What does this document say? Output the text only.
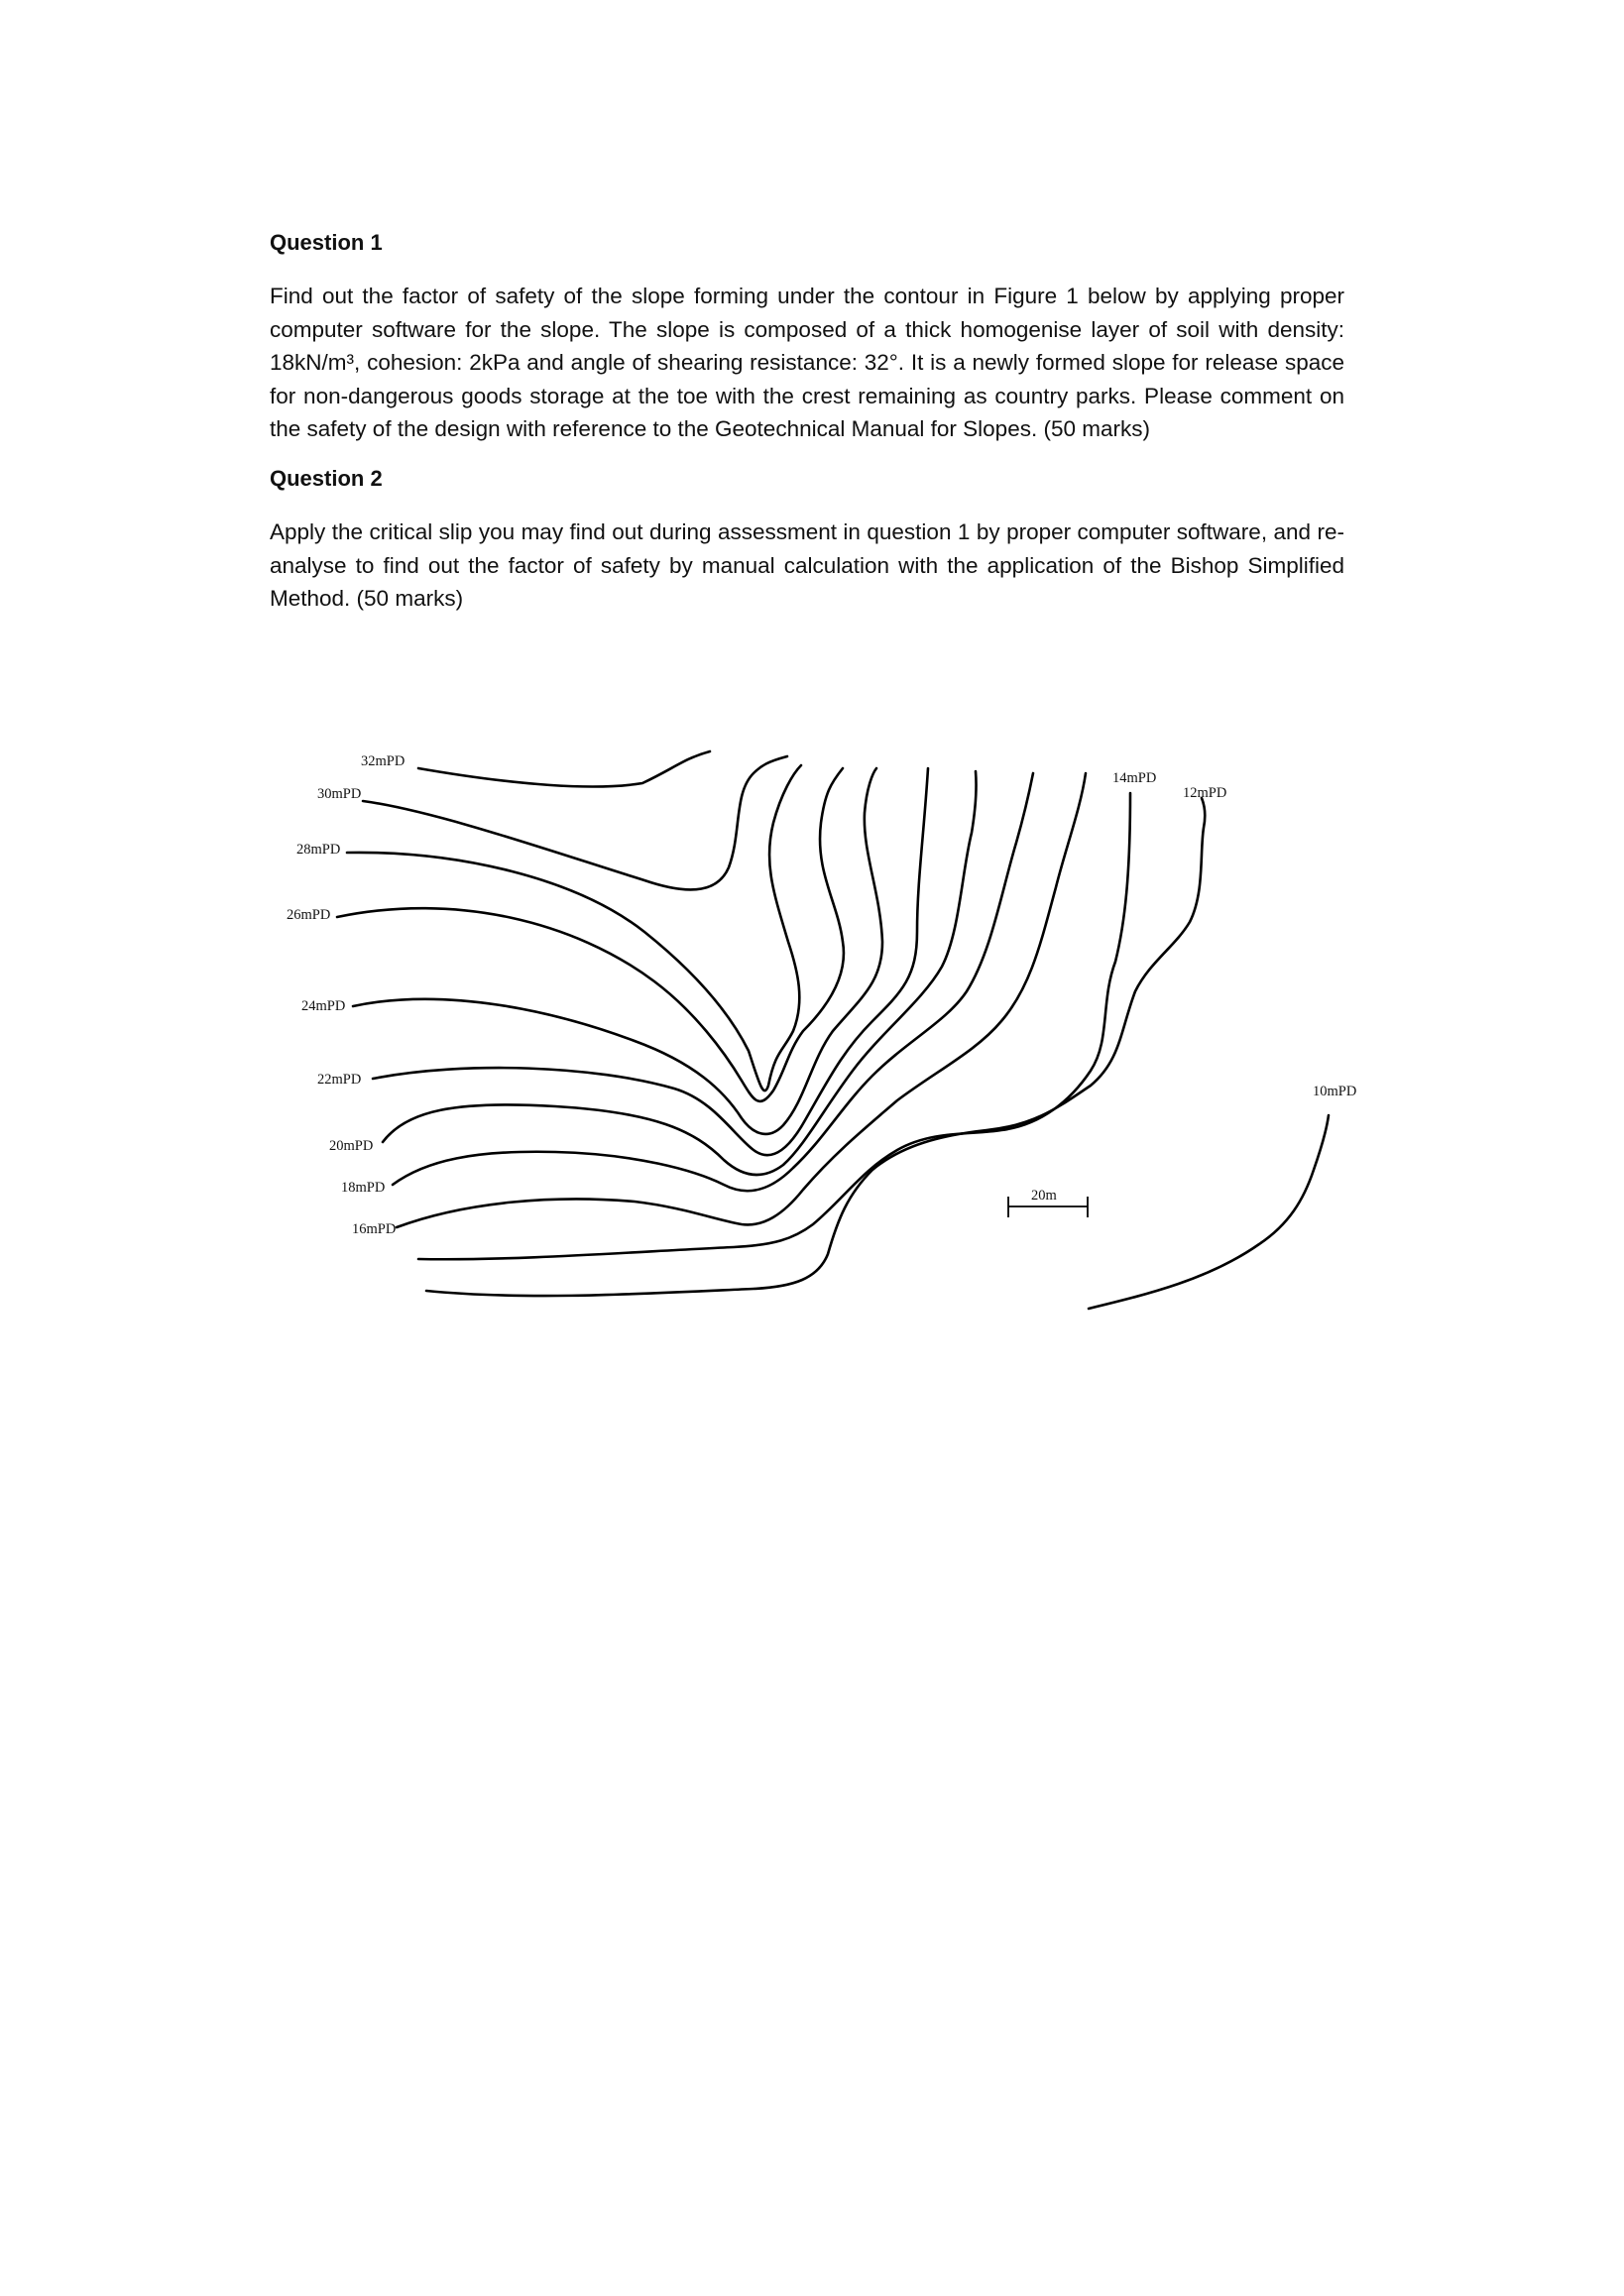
Question 1

Find out the factor of safety of the slope forming under the contour in Figure 1 below by applying proper computer software for the slope. The slope is composed of a thick homogenise layer of soil with density: 18kN/m³, cohesion: 2kPa and angle of shearing resistance: 32°. It is a newly formed slope for release space for non-dangerous goods storage at the toe with the crest remaining as country parks. Please comment on the safety of the design with reference to the Geotechnical Manual for Slopes. (50 marks)

Question 2

Apply the critical slip you may find out during assessment in question 1 by proper computer software, and re-analyse to find out the factor of safety by manual calculation with the application of the Bishop Simplified Method. (50 marks)

32mPD
30mPD
28mPD
26mPD
24mPD
22mPD
20mPD
18mPD
16mPD
14mPD
12mPD
10mPD
20m
